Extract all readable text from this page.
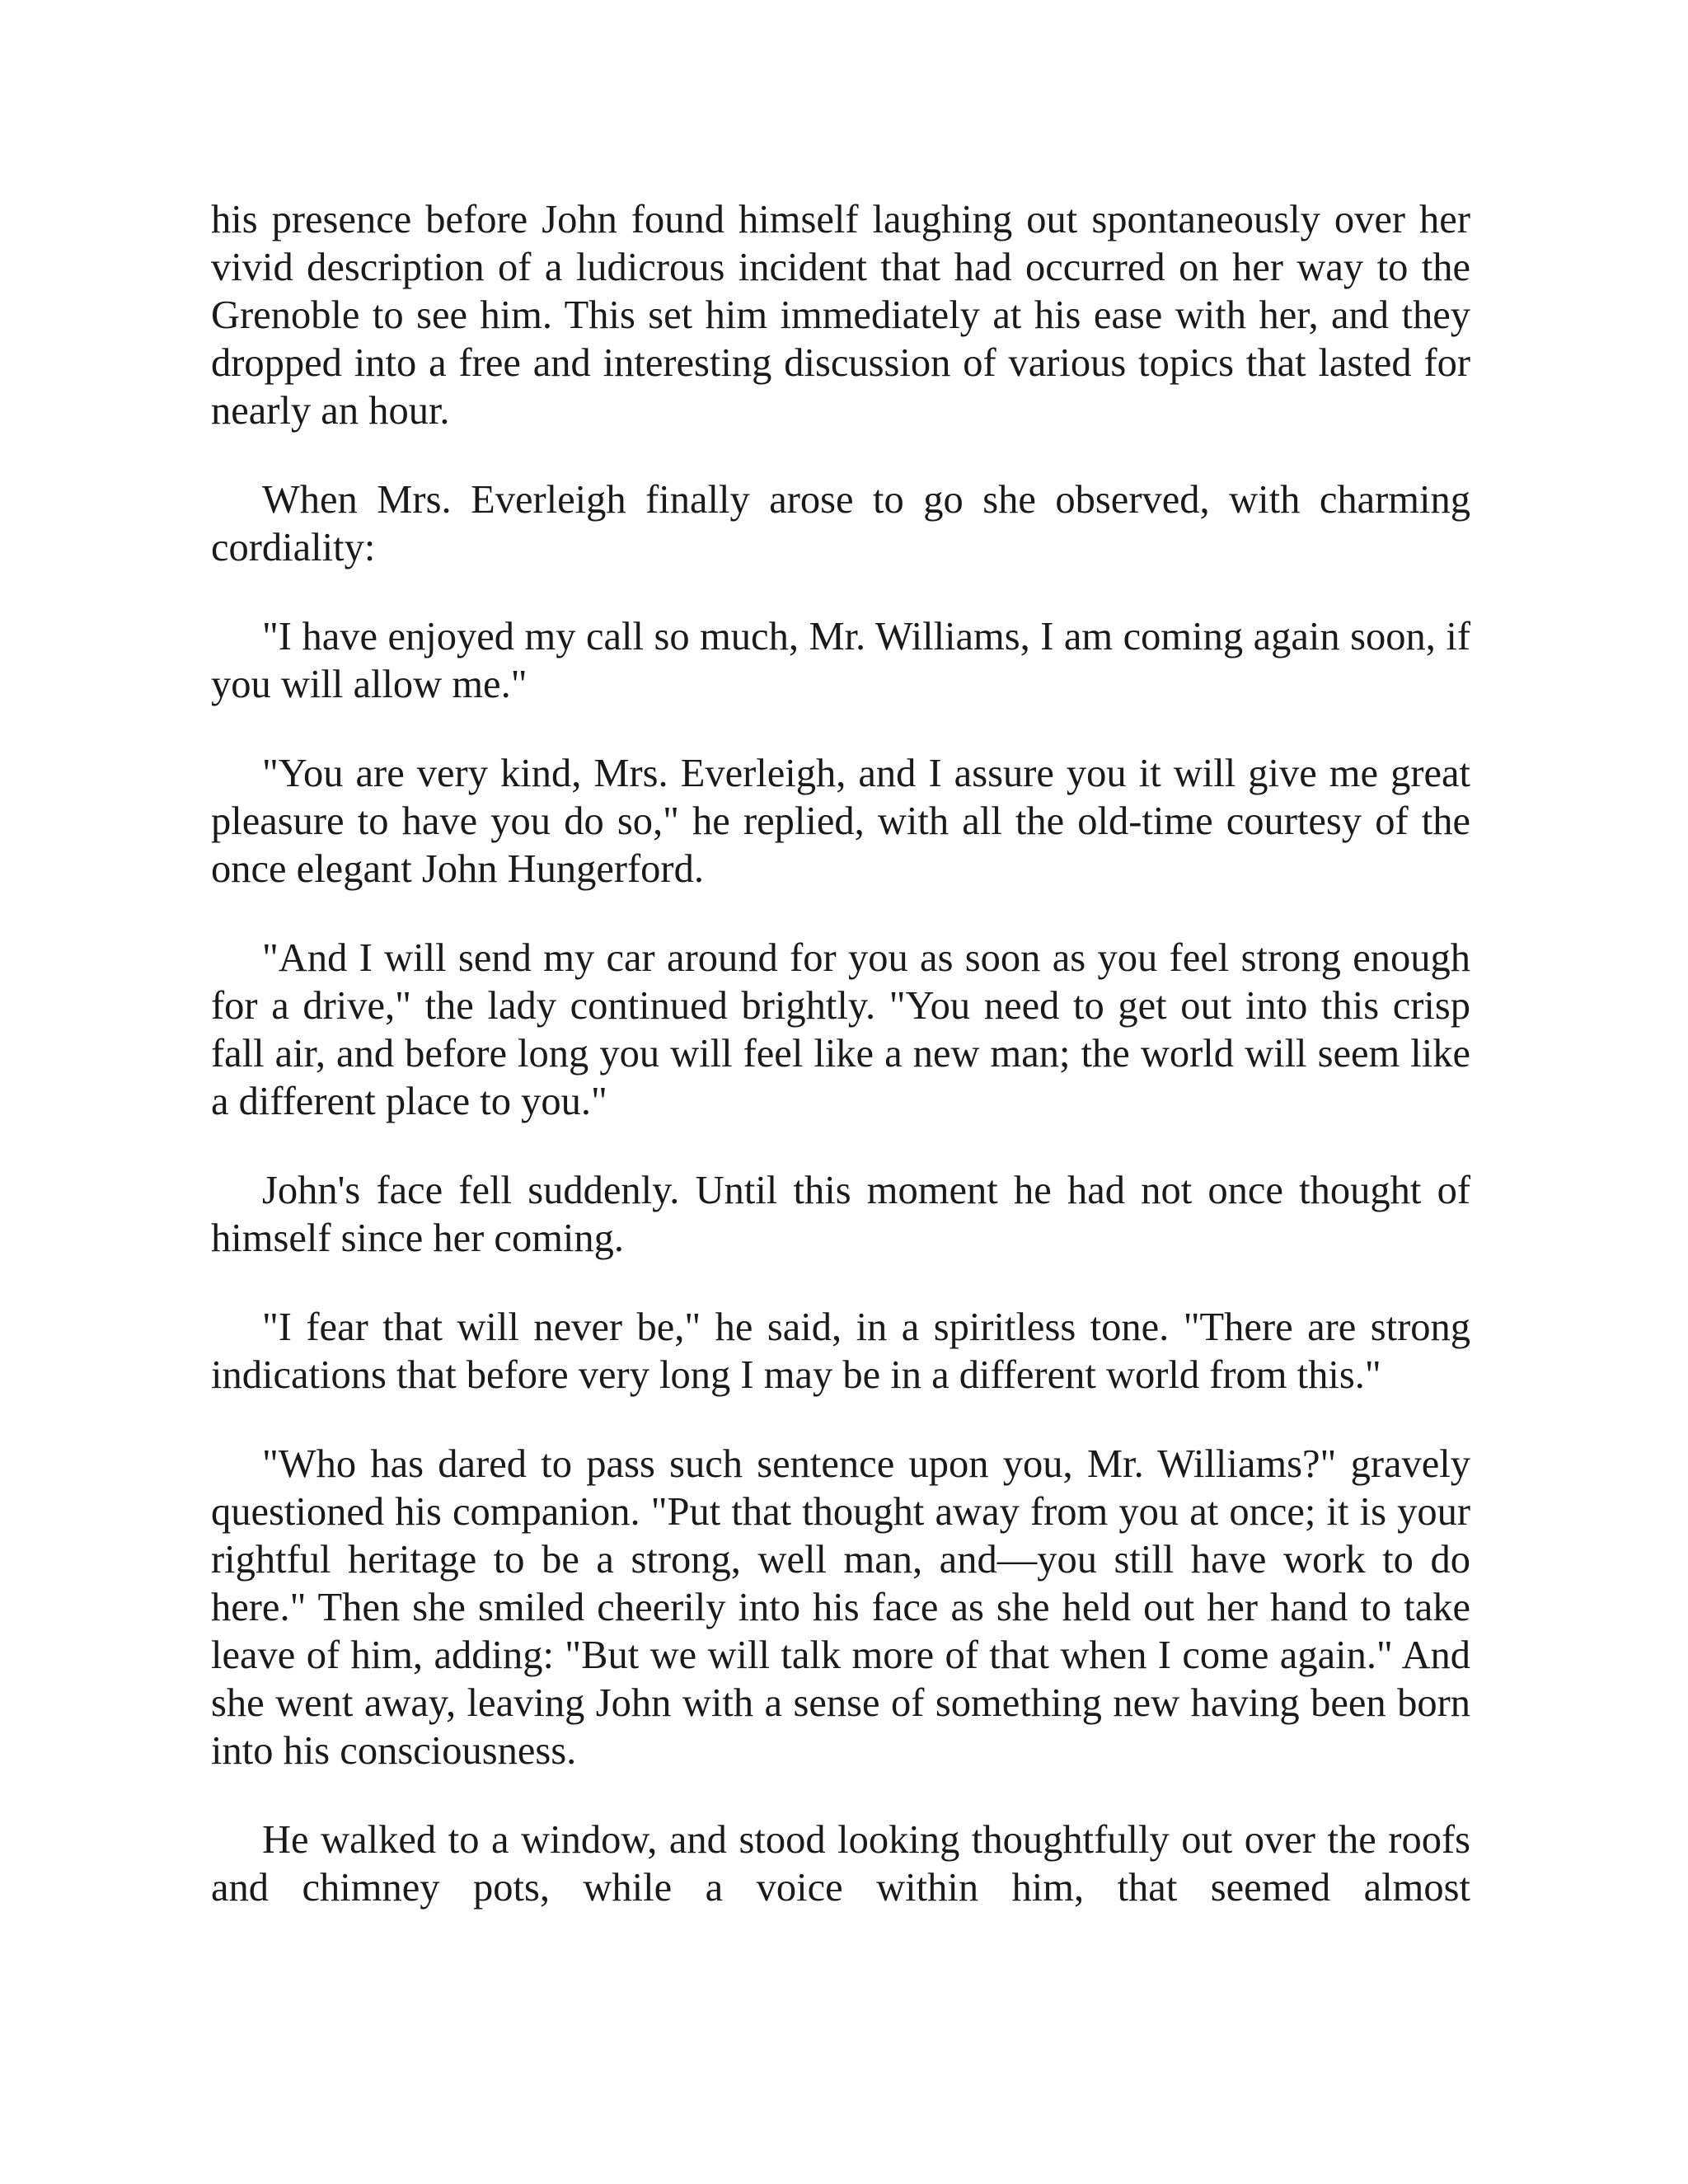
his presence before John found himself laughing out spontaneously over her vivid description of a ludicrous incident that had occurred on her way to the Grenoble to see him. This set him immediately at his ease with her, and they dropped into a free and interesting discussion of various topics that lasted for nearly an hour.

When Mrs. Everleigh finally arose to go she observed, with charming cordiality:

"I have enjoyed my call so much, Mr. Williams, I am coming again soon, if you will allow me."

"You are very kind, Mrs. Everleigh, and I assure you it will give me great pleasure to have you do so," he replied, with all the old-time courtesy of the once elegant John Hungerford.

"And I will send my car around for you as soon as you feel strong enough for a drive," the lady continued brightly. "You need to get out into this crisp fall air, and before long you will feel like a new man; the world will seem like a different place to you."

John's face fell suddenly. Until this moment he had not once thought of himself since her coming.

"I fear that will never be," he said, in a spiritless tone. "There are strong indications that before very long I may be in a different world from this."

"Who has dared to pass such sentence upon you, Mr. Williams?" gravely questioned his companion. "Put that thought away from you at once; it is your rightful heritage to be a strong, well man, and—you still have work to do here." Then she smiled cheerily into his face as she held out her hand to take leave of him, adding: "But we will talk more of that when I come again." And she went away, leaving John with a sense of something new having been born into his consciousness.

He walked to a window, and stood looking thoughtfully out over the roofs and chimney pots, while a voice within him, that seemed almost
